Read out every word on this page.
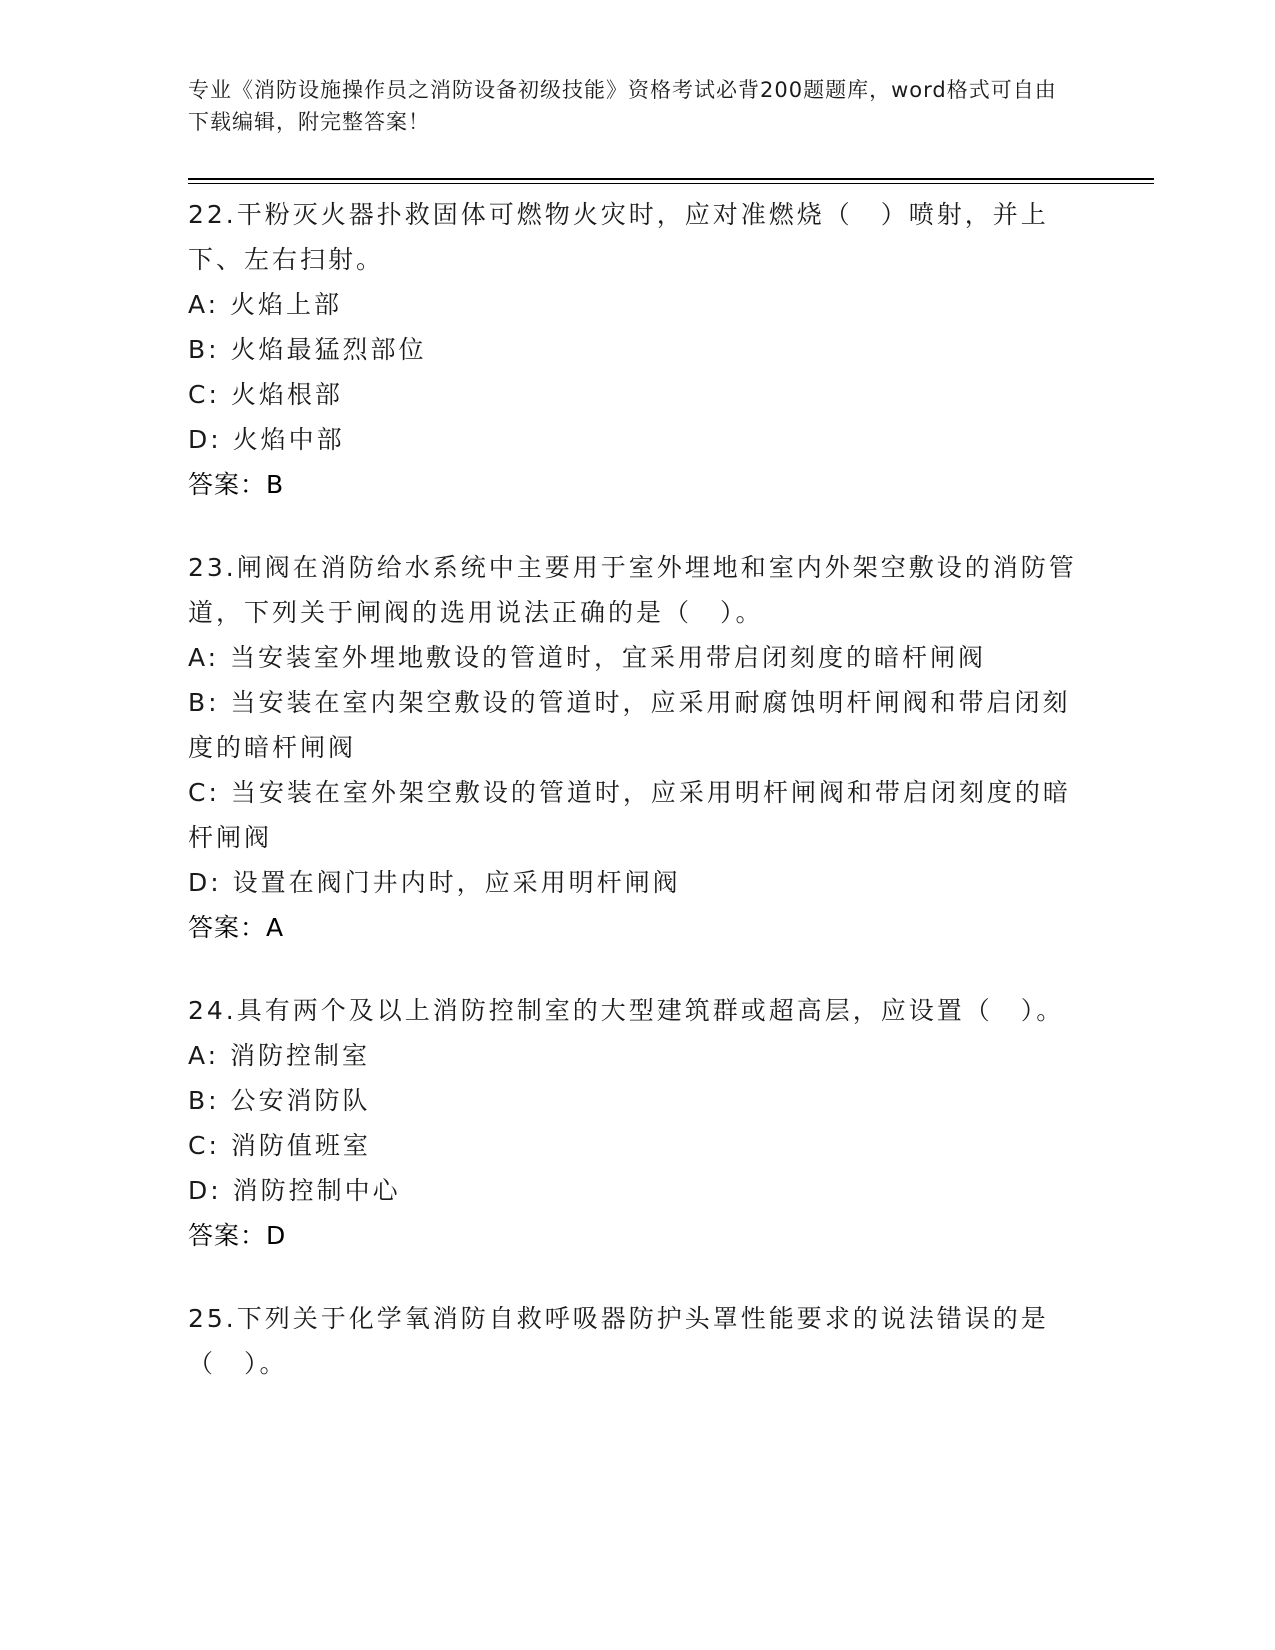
专业《消防设施操作员之消防设备初级技能》资格考试必背200题题库，word格式可自由下载编辑，附完整答案！
22.干粉灭火器扑救固体可燃物火灾时，应对准燃烧（　）喷射，并上下、左右扫射。
A: 火焰上部
B: 火焰最猛烈部位
C: 火焰根部
D: 火焰中部
答案：B
23.闸阀在消防给水系统中主要用于室外埋地和室内外架空敷设的消防管道，下列关于闸阀的选用说法正确的是（　）。
A: 当安装室外埋地敷设的管道时，宜采用带启闭刻度的暗杆闸阀
B: 当安装在室内架空敷设的管道时，应采用耐腐蚀明杆闸阀和带启闭刻度的暗杆闸阀
C: 当安装在室外架空敷设的管道时，应采用明杆闸阀和带启闭刻度的暗杆闸阀
D: 设置在阀门井内时，应采用明杆闸阀
答案：A
24.具有两个及以上消防控制室的大型建筑群或超高层，应设置（　）。
A: 消防控制室
B: 公安消防队
C: 消防值班室
D: 消防控制中心
答案：D
25.下列关于化学氧消防自救呼吸器防护头罩性能要求的说法错误的是（　）。
